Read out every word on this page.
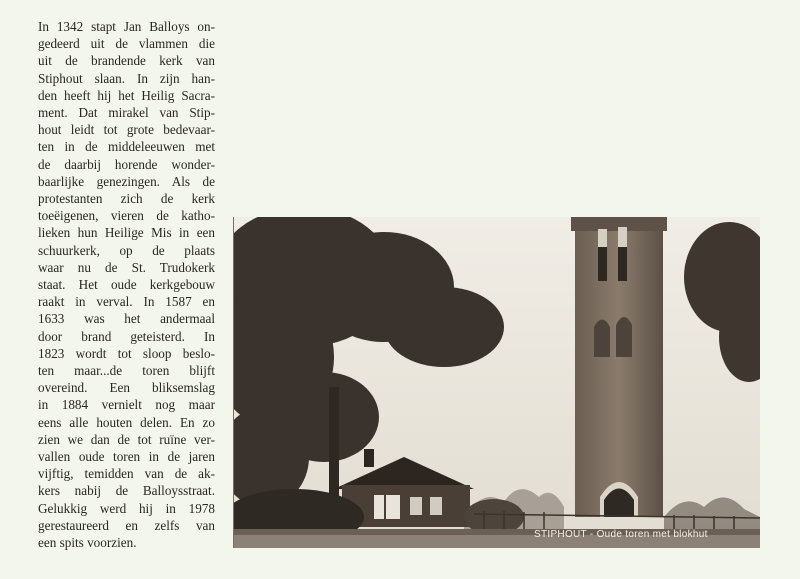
In 1342 stapt Jan Balloys on-
gedeerd uit de vlammen die
uit de brandende kerk van
Stiphout slaan. In zijn han-
den heeft hij het Heilig Sacra-
ment. Dat mirakel van Stip-
hout leidt tot grote bedevaar-
ten in de middeleeuwen met
de daarbij horende wonder-
baarlijke genezingen. Als de
protestanten zich de kerk
toeëigenen, vieren de katho-
lieken hun Heilige Mis in een
schuurkerk, op de plaats
waar nu de St. Trudokerk
staat. Het oude kerkgebouw
raakt in verval. In 1587 en
1633 was het andermaal
door brand geteisterd. In
1823 wordt tot sloop beslo-
ten maar...de toren blijft
overeind. Een bliksemslag
in 1884 vernielt nog maar
eens alle houten delen. En zo
zien we dan de tot ruïne ver-
vallen oude toren in de jaren
vijftig, temidden van de ak-
kers nabij de Balloysstraat.
Gelukkig werd hij in 1978
gerestaureerd en zelfs van
een spits voorzien.
STIPHOUT - Oude toren met blokhut
